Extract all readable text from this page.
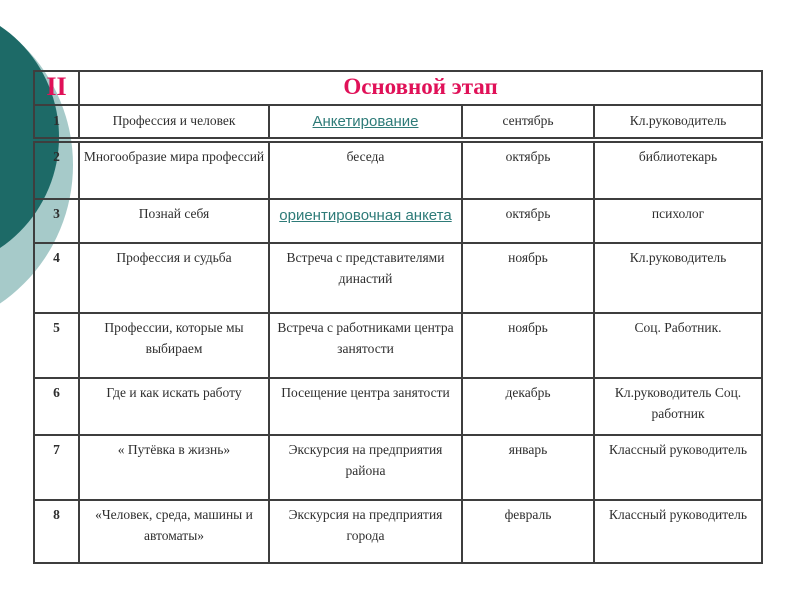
II	Основной этап			
1	Профессия и человек	Анкетирование	сентябрь	Кл.руководитель
2	Многообразие мира профессий	беседа	октябрь	библиотекарь
3	Познай себя	ориентировочная анкета	октябрь	психолог
4	Профессия и судьба	Встреча с представителями династий	ноябрь	Кл.руководитель
5	Профессии, которые мы выбираем	Встреча с работниками центра занятости	ноябрь	Соц. Работник.
6	Где и как искать работу	Посещение центра занятости	декабрь	Кл.руководитель Соц. работник
7	« Путёвка в жизнь»	Экскурсия на предприятия района	январь	Классный руководитель
8	«Человек, среда, машины и автоматы»	Экскурсия на предприятия города	февраль	Классный руководитель
